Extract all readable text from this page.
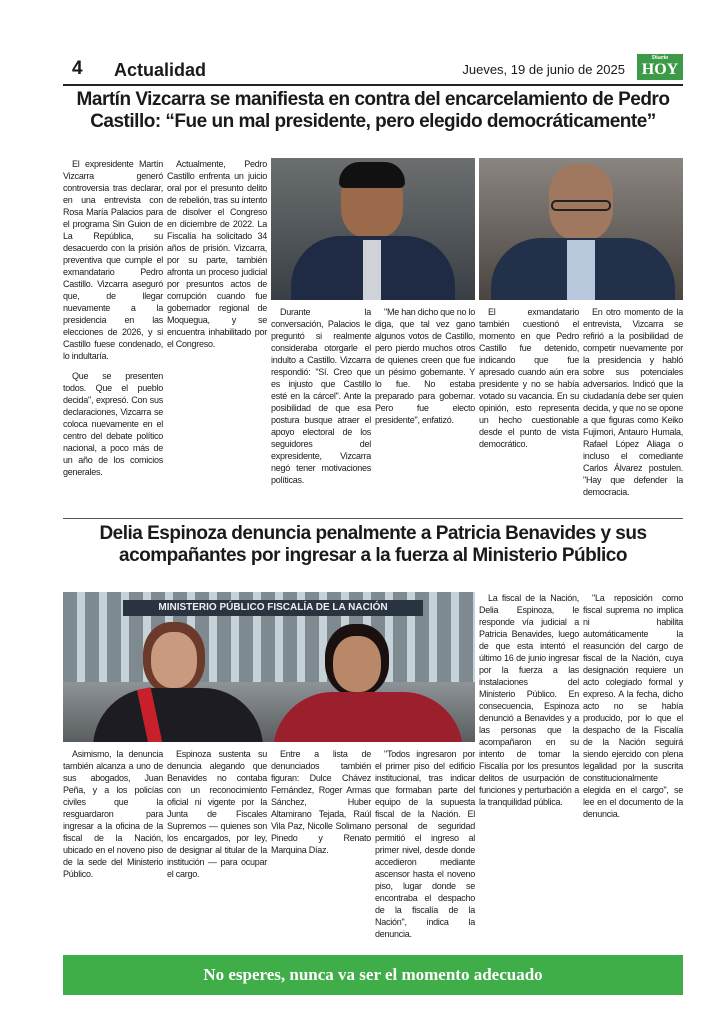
4 Actualidad	Jueves, 19 de junio de 2025
Diario
HOY
Martín Vizcarra se manifiesta en contra del encarcelamiento de Pedro Castillo: “Fue un mal presidente, pero elegido democráticamente”

El expresidente Martín Vizcarra generó controversia tras declarar, en una entrevista con Rosa María Palacios para el programa Sin Guion de La República, su desacuerdo con la prisión preventiva que cumple el exmandatario Pedro Castillo. Vizcarra aseguró que, de llegar nuevamente a la presidencia en las elecciones de 2026, y si Castillo fuese condenado, lo indultaría.

Que se presenten todos. Que el pueblo decida", expresó. Con sus declaraciones, Vizcarra se coloca nuevamente en el centro del debate político nacional, a poco más de un año de los comicios generales.

Actualmente, Pedro Castillo enfrenta un juicio oral por el presunto delito de rebelión, tras su intento de disolver el Congreso en diciembre de 2022. La Fiscalía ha solicitado 34 años de prisión. Vizcarra, por su parte, también afronta un proceso judicial por presuntos actos de corrupción cuando fue gobernador regional de Moquegua, y se encuentra inhabilitado por el Congreso.

Durante la conversación, Palacios le preguntó si realmente consideraba otorgarle el indulto a Castillo. Vizcarra respondió: "Sí. Creo que es injusto que Castillo esté en la cárcel". Ante la posibilidad de que esa postura busque atraer el apoyo electoral de los seguidores del expresidente, Vizcarra negó tener motivaciones políticas.

"Me han dicho que no lo diga, que tal vez gano algunos votos de Castillo, pero pierdo muchos otros de quienes creen que fue un pésimo gobernante. Y lo fue. No estaba preparado para gobernar. Pero fue electo presidente", enfatizó.

El exmandatario también cuestionó el momento en que Pedro Castillo fue detenido, indicando que fue apresado cuando aún era presidente y no se había votado su vacancia. En su opinión, esto representa un hecho cuestionable desde el punto de vista democrático.

En otro momento de la entrevista, Vizcarra se refirió a la posibilidad de competir nuevamente por la presidencia y habló sobre sus potenciales adversarios. Indicó que la ciudadanía debe ser quien decida, y que no se opone a que figuras como Keiko Fujimori, Antauro Humala, Rafael López Aliaga o incluso el comediante Carlos Álvarez postulen. "Hay que defender la democracia.

Delia Espinoza denuncia penalmente a Patricia Benavides y sus acompañantes por ingresar a la fuerza al Ministerio Público
MINISTERIO PÚBLICO FISCALÍA DE LA NACIÓN

Asimismo, la denuncia también alcanza a uno de sus abogados, Juan Peña, y a los policías civiles que la resguardaron para ingresar a la oficina de la fiscal de la Nación, ubicado en el noveno piso de la sede del Ministerio Público.

Espinoza sustenta su denuncia alegando que Benavides no contaba con un reconocimiento oficial ni vigente por la Junta de Fiscales Supremos — quienes son los encargados, por ley, de designar al titular de la institución — para ocupar el cargo.

Entre a lista de denunciados también figuran: Dulce Chávez Fernández, Roger Armas Sánchez, Huber Altamirano Tejada, Raúl Vila Paz, Nicolle Solimano Pinedo y Renato Marquina Díaz.

"Todos ingresaron por el primer piso del edificio institucional, tras indicar que formaban parte del equipo de la supuesta fiscal de la Nación. El personal de seguridad permitió el ingreso al primer nivel, desde donde accedieron mediante ascensor hasta el noveno piso, lugar donde se encontraba el despacho de la fiscalía de la Nación", indica la denuncia.

La fiscal de la Nación, Delia Espinoza, le responde vía judicial a Patricia Benavides, luego de que esta intentó el último 16 de junio ingresar por la fuerza a las instalaciones del Ministerio Público. En consecuencia, Espinoza denunció a Benavides y a las personas que la acompañaron en su intento de tomar la Fiscalía por los presuntos delitos de usurpación de funciones y perturbación a la tranquilidad pública.

"La reposición como fiscal suprema no implica ni habilita automáticamente la reasunción del cargo de fiscal de la Nación, cuya designación requiere un acto colegiado formal y expreso. A la fecha, dicho acto no se había producido, por lo que el despacho de la Fiscalía de la Nación seguirá siendo ejercido con plena legalidad por la suscrita constitucionalmente elegida en el cargo", se lee en el documento de la denuncia.

No esperes, nunca va ser el momento adecuado
